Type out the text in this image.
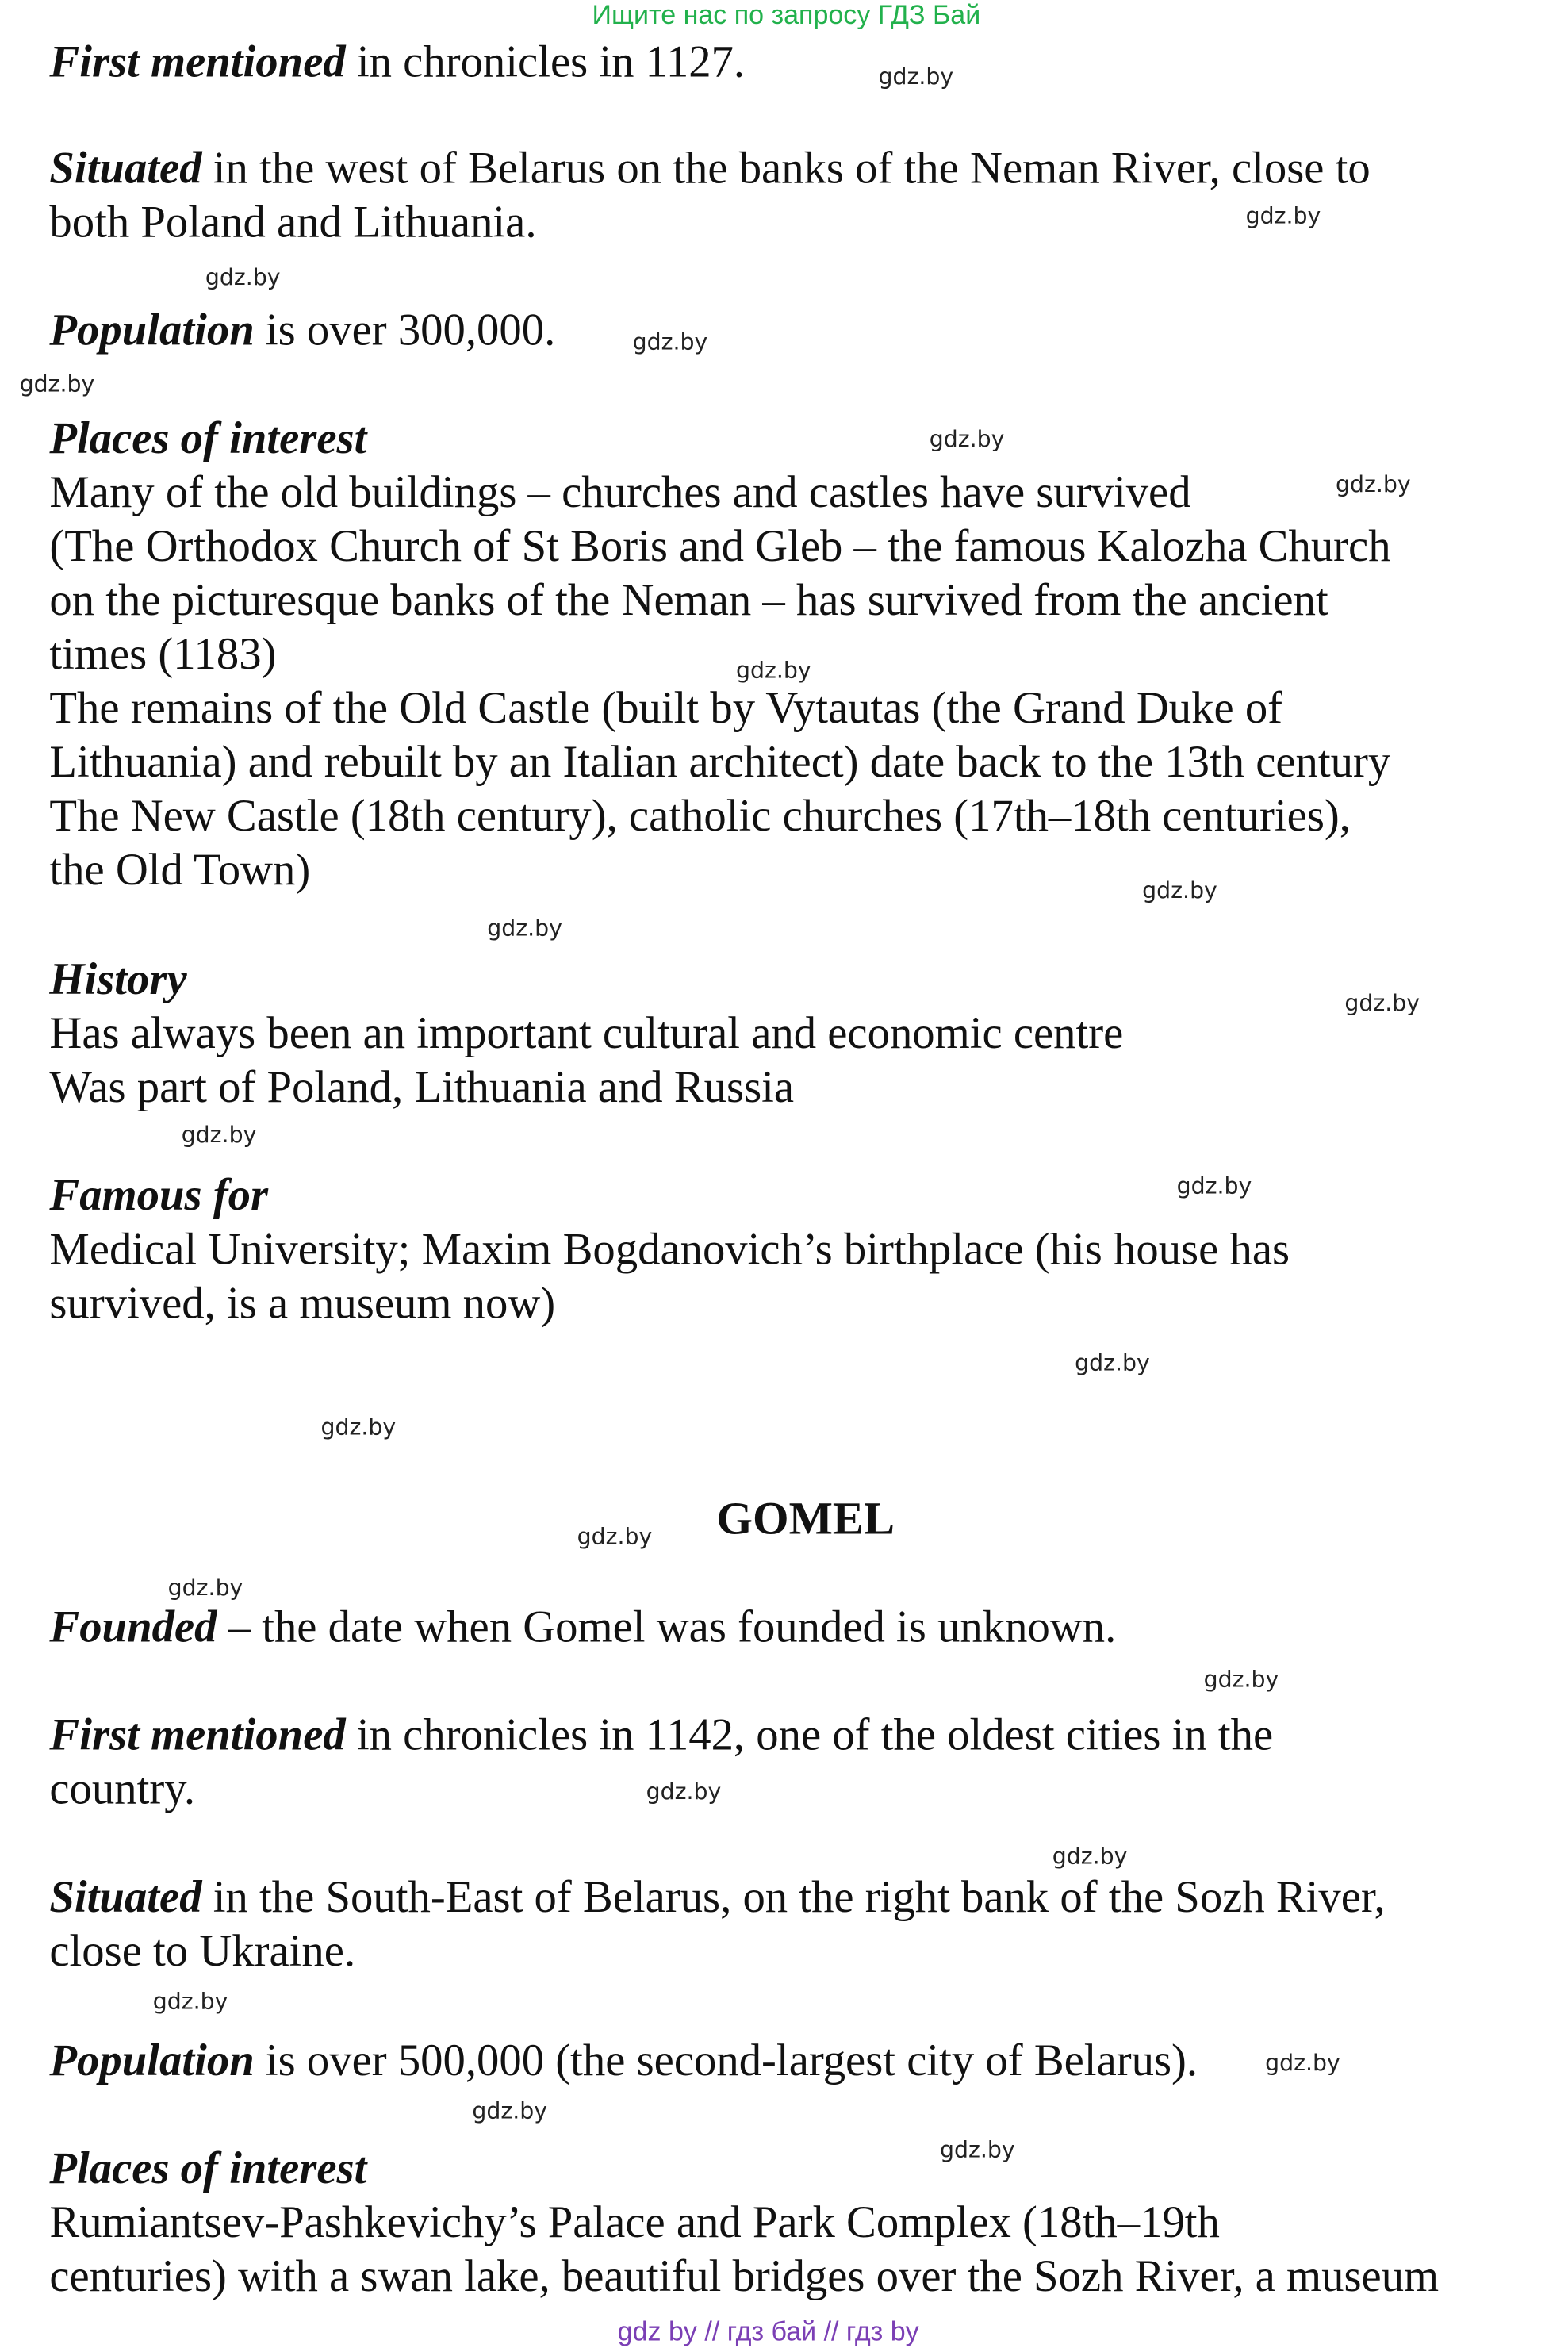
Ищите нас по запросу ГДЗ Бай
First mentioned in chronicles in 1127.	gdz.by
Situated in the west of Belarus on the banks of the Neman River, close to
both Poland and Lithuania.	gdz.by
gdz.by
Population is over 300,000.	gdz.by
gdz.by
Places of interest	gdz.by
Many of the old buildings – churches and castles have survived	gdz.by
(The Orthodox Church of St Boris and Gleb – the famous Kalozha Church
on the picturesque banks of the Neman – has survived from the ancient
times (1183)	gdz.by
The remains of the Old Castle (built by Vytautas (the Grand Duke of
Lithuania) and rebuilt by an Italian architect) date back to the 13th century
The New Castle (18th century), catholic churches (17th–18th centuries),
the Old Town)	gdz.by
gdz.by
History	gdz.by
Has always been an important cultural and economic centre
Was part of Poland, Lithuania and Russia
gdz.by
Famous for	gdz.by
Medical University; Maxim Bogdanovich’s birthplace (his house has
survived, is a museum now)
gdz.by
gdz.by
gdz.by	GOMEL
gdz.by
Founded – the date when Gomel was founded is unknown.
gdz.by
First mentioned in chronicles in 1142, one of the oldest cities in the
country.	gdz.by
gdz.by
Situated in the South-East of Belarus, on the right bank of the Sozh River,
close to Ukraine.
gdz.by
Population is over 500,000 (the second-largest city of Belarus).	gdz.by
gdz.by
Places of interest	gdz.by
Rumiantsev-Pashkevichy’s Palace and Park Complex (18th–19th
centuries) with a swan lake, beautiful bridges over the Sozh River, a museum
gdz by // гдз бай // гдз by
